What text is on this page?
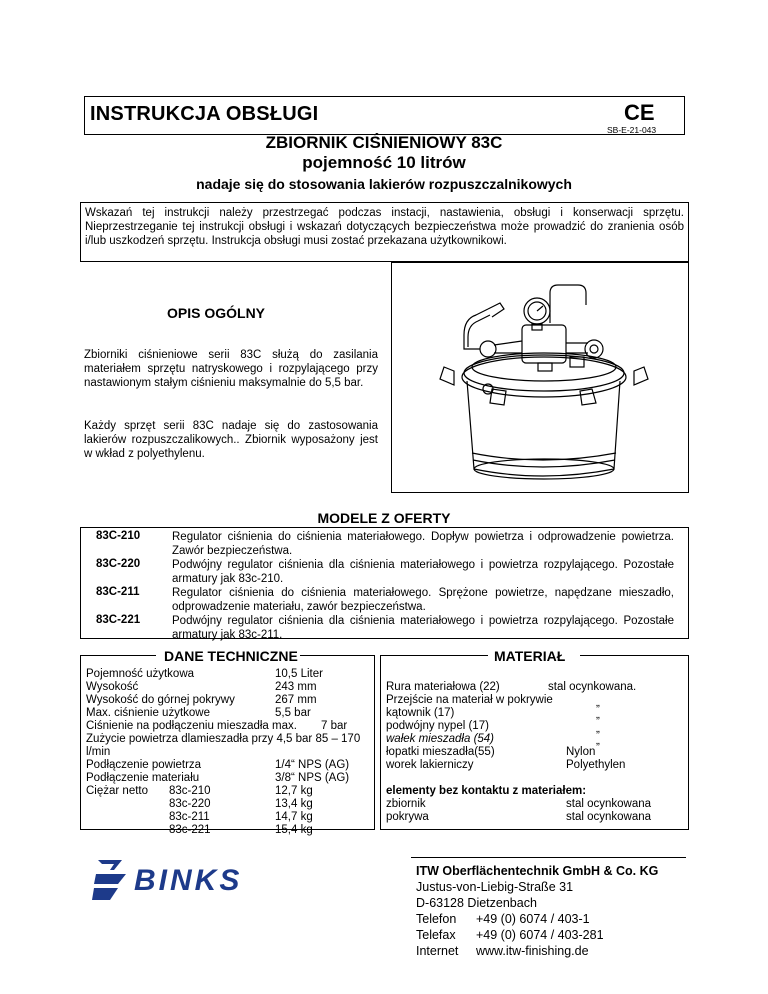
INSTRUKCJA OBSŁUGI	CE
SB-E-21-043
ZBIORNIK CIŚNIENIOWY 83C
pojemność 10 litrów
nadaje się do stosowania lakierów rozpuszczalnikowych
Wskazań tej instrukcji należy przestrzegać podczas instacji, nastawienia, obsługi i konserwacji sprzętu. Nieprzestrzeganie tej instrukcji obsługi i wskazań dotyczących bezpieczeństwa może prowadzić do zranienia osób i/lub uszkodzeń sprzętu. Instrukcja obsługi musi zostać przekazana użytkownikowi.
OPIS OGÓLNY
Zbiorniki ciśnieniowe serii 83C służą do zasilania materiałem sprzętu natryskowego i rozpylającego przy nastawionym stałym ciśnieniu maksymalnie do 5,5 bar.
Każdy sprzęt serii 83C nadaje się do zastosowania lakierów rozpuszczalikowych.. Zbiornik wyposażony jest w wkład z polyethylenu.
MODELE Z OFERTY
83C-210	Regulator ciśnienia do ciśnienia materiałowego. Dopływ powietrza i odprowadzenie powietrza. Zawór bezpieczeństwa.
83C-220	Podwójny regulator ciśnienia dla ciśnienia materiałowego i powietrza rozpylającego. Pozostałe armatury jak 83c-210.
83C-211	Regulator ciśnienia do ciśnienia materiałowego. Sprężone powietrze, napędzane mieszadło, odprowadzenie materiału, zawór bezpieczeństwa.
83C-221	Podwójny regulator ciśnienia dla ciśnienia materiałowego i powietrza rozpylającego. Pozostałe armatury jak 83c-211.
DANE TECHNICZNE
Pojemność użytkowa	10,5 Liter
Wysokość	243 mm
Wysokość do górnej pokrywy	267 mm
Max. ciśnienie użytkowe	5,5 bar
Ciśnienie na podłączeniu mieszadła max. 7 bar
Zużycie powietrza dlamieszadła przy 4,5 bar 85 – 170
l/min
Podłączenie powietrza	1/4“ NPS (AG)
Podłączenie materiału	3/8“ NPS (AG)
Ciężar netto 83c-210	12,7 kg
83c-220	13,4 kg
83c-211	14,7 kg
83c-221	15,4 kg
MATERIAŁ
Rura materiałowa (22)	stal ocynkowana.
Przejście na materiał w pokrywie	„
kątownik (17)	„
podwójny nypel (17)	„
wałek mieszadła (54)	„
łopatki mieszadła(55)	Nylon
worek lakierniczy	Polyethylen
elementy bez kontaktu z materiałem:
zbiornik	stal ocynkowana
pokrywa	stal ocynkowana
BINKS	ITW Oberflächentechnik GmbH & Co. KG
Justus-von-Liebig-Straße 31
D-63128 Dietzenbach
Telefon +49 (0) 6074 / 403-1
Telefax +49 (0) 6074 / 403-281
Internet www.itw-finishing.de
